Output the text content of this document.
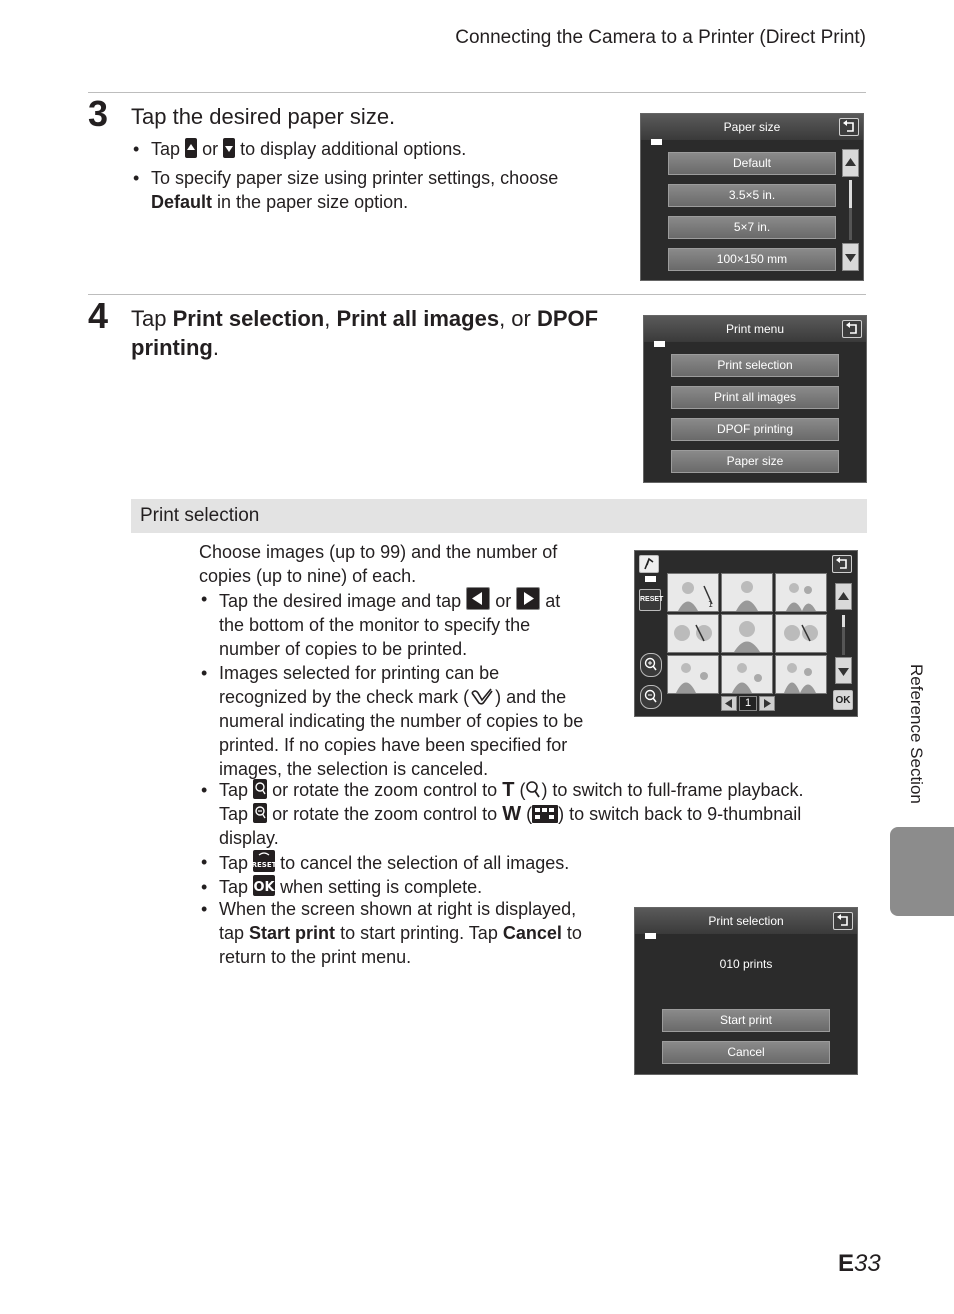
Connecting the Camera to a Printer (Direct Print)
3 Tap the desired paper size.
• Tap or to display additional options.
• To specify paper size using printer settings, choose Default in the paper size option.
Paper size
Default
3.5×5 in.
5×7 in.
100×150 mm
4 Tap Print selection, Print all images, or DPOF printing.
Print menu
Print selection
Print all images
DPOF printing
Paper size
Print selection
Choose images (up to 99) and the number of copies (up to nine) of each.
• Tap the desired image and tap or at the bottom of the monitor to specify the number of copies to be printed.
• Images selected for printing can be recognized by the check mark ( ) and the numeral indicating the number of copies to be printed. If no copies have been specified for images, the selection is canceled.
• Tap or rotate the zoom control to T ( ) to switch to full-frame playback.
Tap or rotate the zoom control to W ( ) to switch back to 9-thumbnail display.
• Tap RESET to cancel the selection of all images.
• Tap OK when setting is complete.
• When the screen shown at right is displayed, tap Start print to start printing. Tap Cancel to return to the print menu.
RESET
1
OK
1
Print selection
010 prints
Start print
Cancel
Reference Section
E33
